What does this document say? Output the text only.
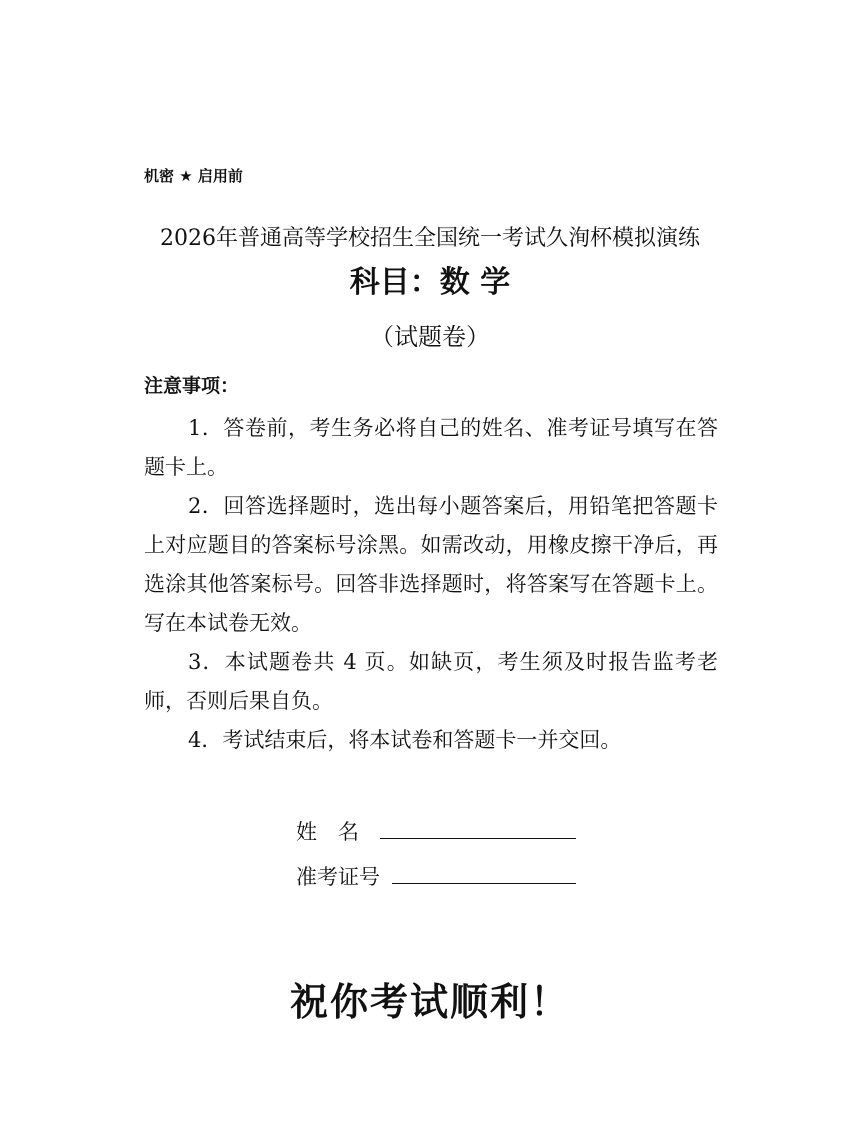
机密 ★ 启用前
2026年普通高等学校招生全国统一考试久洵杯模拟演练
科目：数 学
（试题卷）
注意事项：

1．答卷前，考生务必将自己的姓名、准考证号填写在答题卡上。

2．回答选择题时，选出每小题答案后，用铅笔把答题卡上对应题目的答案标号涂黑。如需改动，用橡皮擦干净后，再选涂其他答案标号。回答非选择题时，将答案写在答题卡上。写在本试卷无效。

3．本试题卷共 4 页。如缺页，考生须及时报告监考老师，否则后果自负。

4．考试结束后，将本试卷和答题卡一并交回。

姓　名
准考证号
祝你考试顺利！
